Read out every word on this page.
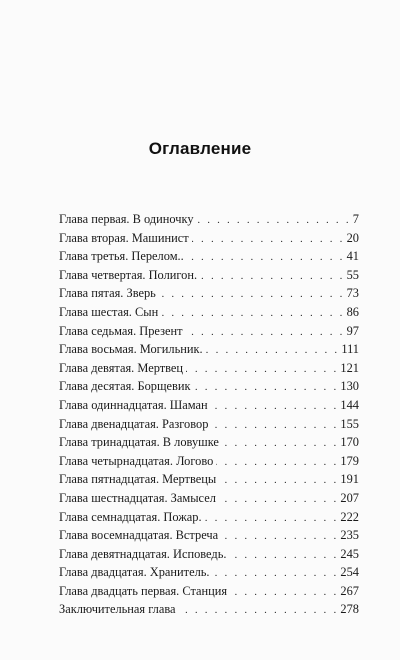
Оглавление
Глава первая. В одиночку . . .	7
Глава вторая. Машинист . . .	20
Глава третья. Перелом.. . . .	41
Глава четвертая. Полигон. . . .	55
Глава пятая. Зверь . . .	73
Глава шестая. Сын . . .	86
Глава седьмая. Презент . . .	97
Глава восьмая. Могильник. . . .	111
Глава девятая. Мертвец . . .	121
Глава десятая. Борщевик . . .	130
Глава одиннадцатая. Шаман . . .	144
Глава двенадцатая. Разговор . . .	155
Глава тринадцатая. В ловушке . . .	170
Глава четырнадцатая. Логово . . .	179
Глава пятнадцатая. Мертвецы . . .	191
Глава шестнадцатая. Замысел . . .	207
Глава семнадцатая. Пожар. . . .	222
Глава восемнадцатая. Встреча . . .	235
Глава девятнадцатая. Исповедь. . . .	245
Глава двадцатая. Хранитель. . . .	254
Глава двадцать первая. Станция . . .	267
Заключительная глава . . .	278
